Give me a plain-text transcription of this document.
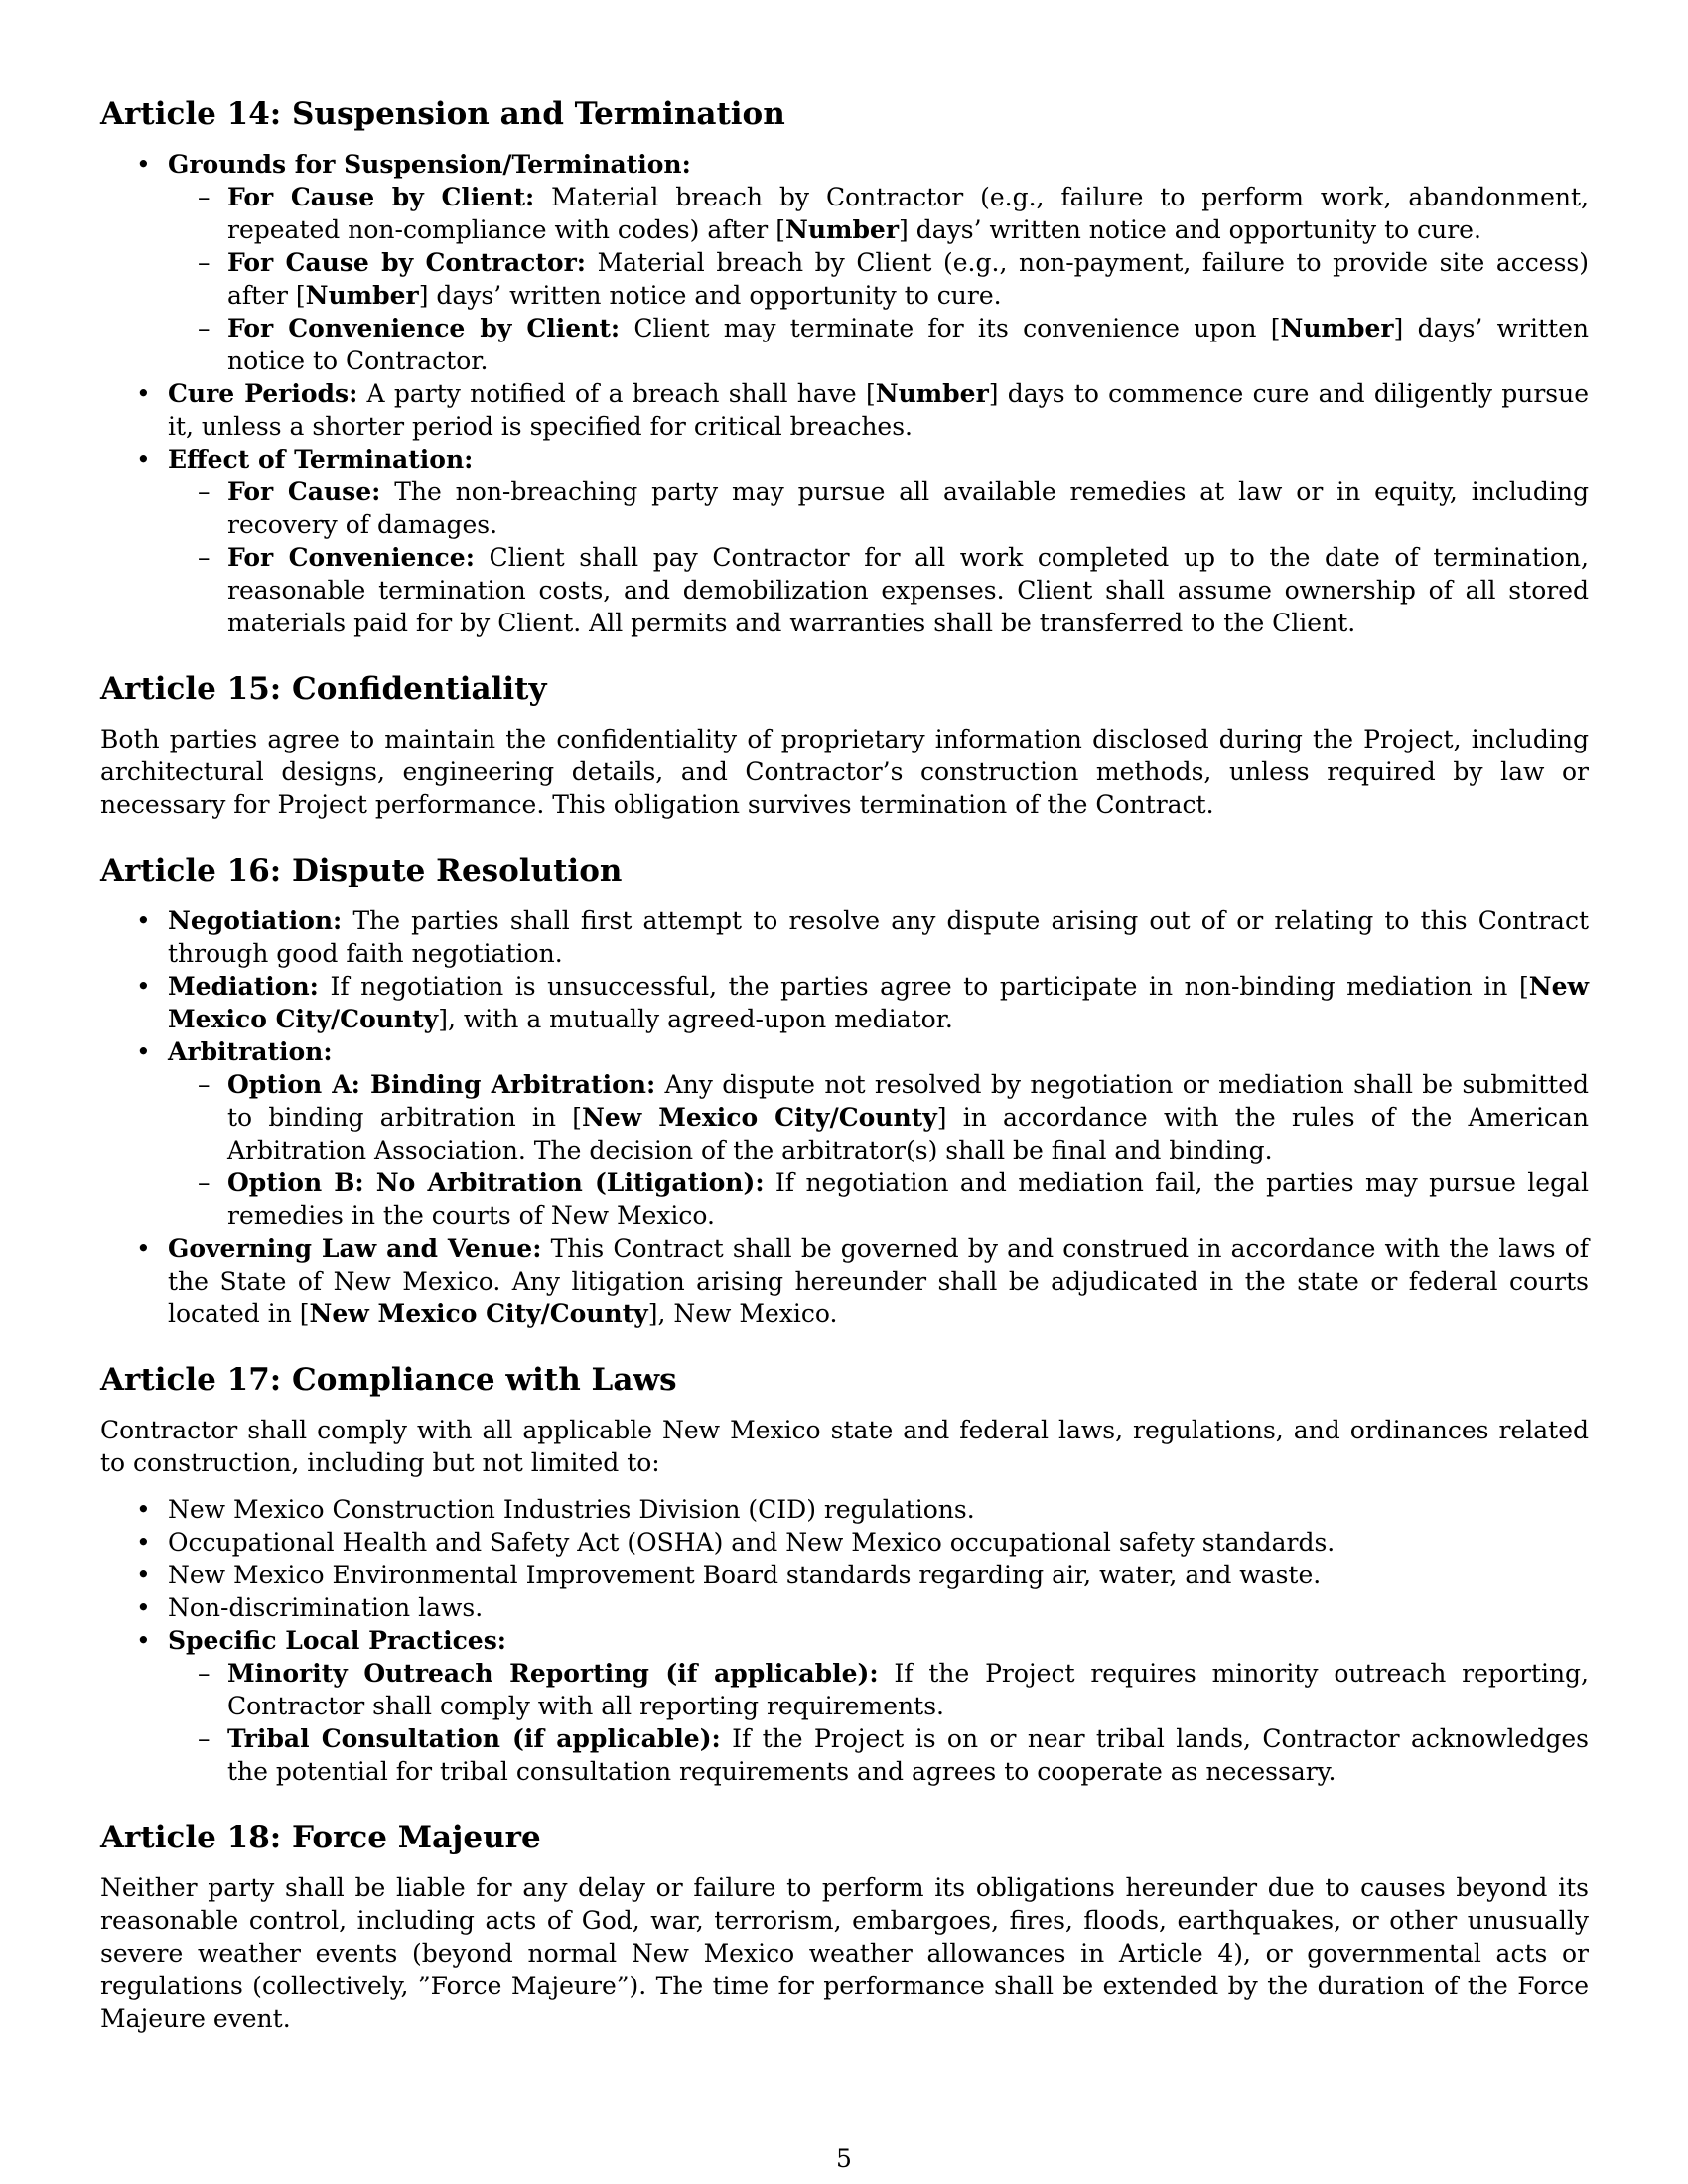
Article 14: Suspension and Termination
• Grounds for Suspension/Termination:
– For Cause by Client: Material breach by Contractor (e.g., failure to perform work, abandonment, repeated non-compliance with codes) after [Number] days’ written notice and opportunity to cure.
– For Cause by Contractor: Material breach by Client (e.g., non-payment, failure to provide site access) after [Number] days’ written notice and opportunity to cure.
– For Convenience by Client: Client may terminate for its convenience upon [Number] days’ written notice to Contractor.
• Cure Periods: A party notified of a breach shall have [Number] days to commence cure and diligently pursue it, unless a shorter period is specified for critical breaches.
• Effect of Termination:
– For Cause: The non-breaching party may pursue all available remedies at law or in equity, including recovery of damages.
– For Convenience: Client shall pay Contractor for all work completed up to the date of termination, reasonable termination costs, and demobilization expenses. Client shall assume ownership of all stored materials paid for by Client. All permits and warranties shall be transferred to the Client.
Article 15: Confidentiality

Both parties agree to maintain the confidentiality of proprietary information disclosed during the Project, including architectural designs, engineering details, and Contractor’s construction methods, unless required by law or necessary for Project performance. This obligation survives termination of the Contract.

Article 16: Dispute Resolution
• Negotiation: The parties shall first attempt to resolve any dispute arising out of or relating to this Contract through good faith negotiation.
• Mediation: If negotiation is unsuccessful, the parties agree to participate in non-binding mediation in [New Mexico City/County], with a mutually agreed-upon mediator.
• Arbitration:
– Option A: Binding Arbitration: Any dispute not resolved by negotiation or mediation shall be submitted to binding arbitration in [New Mexico City/County] in accordance with the rules of the American Arbitration Association. The decision of the arbitrator(s) shall be final and binding.
– Option B: No Arbitration (Litigation): If negotiation and mediation fail, the parties may pursue legal remedies in the courts of New Mexico.
• Governing Law and Venue: This Contract shall be governed by and construed in accordance with the laws of the State of New Mexico. Any litigation arising hereunder shall be adjudicated in the state or federal courts located in [New Mexico City/County], New Mexico.
Article 17: Compliance with Laws

Contractor shall comply with all applicable New Mexico state and federal laws, regulations, and ordinances related to construction, including but not limited to:

• New Mexico Construction Industries Division (CID) regulations.
• Occupational Health and Safety Act (OSHA) and New Mexico occupational safety standards.
• New Mexico Environmental Improvement Board standards regarding air, water, and waste.
• Non-discrimination laws.
• Specific Local Practices:
– Minority Outreach Reporting (if applicable): If the Project requires minority outreach reporting, Contractor shall comply with all reporting requirements.
– Tribal Consultation (if applicable): If the Project is on or near tribal lands, Contractor acknowledges the potential for tribal consultation requirements and agrees to cooperate as necessary.
Article 18: Force Majeure

Neither party shall be liable for any delay or failure to perform its obligations hereunder due to causes beyond its reasonable control, including acts of God, war, terrorism, embargoes, fires, floods, earthquakes, or other unusually severe weather events (beyond normal New Mexico weather allowances in Article 4), or governmental acts or regulations (collectively, ”Force Majeure”). The time for performance shall be extended by the duration of the Force Majeure event.

5
